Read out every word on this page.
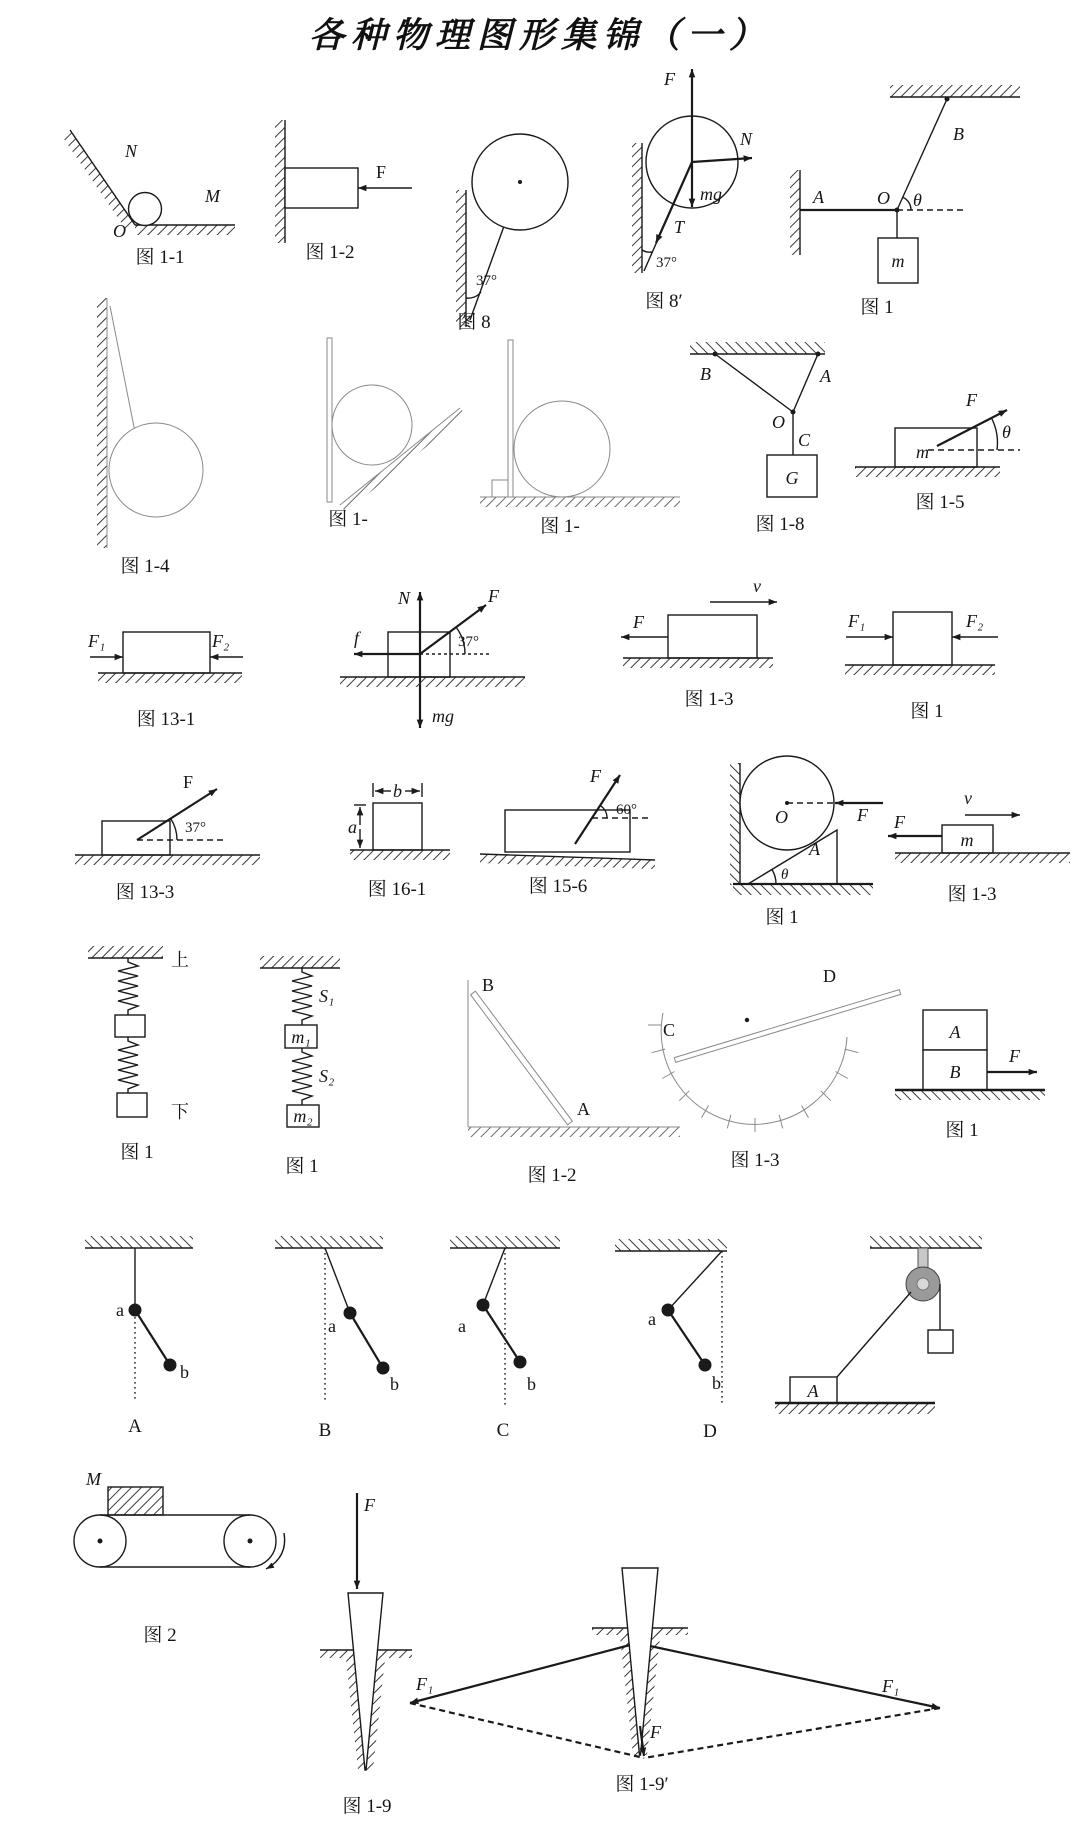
各种物理图形集锦（一）
N
M
O
图 1-1
F
图 1-2
37°
图 8
F
N
mg
T
37°
图 8′
A	O θ
B
m
图 1
图 1-4
图 1-	图 1-
B	A
O
C
G
图 1-8
m
F
θ
图 1-5
F₁	F₂
图 13-1
N	F
37°
f
mg
v
F
图 1-3
F₁	F₂
图 1
F
37°
图 13-3
b
a
图 16-1
F
60°
图 15-6
O	F
θ
A
图 1
v
m
F
图 1-3
上
下
图 1
S₁
m₁
S₂
m₂
图 1
B
A
图 1-2
C
D
图 1-3
A
B
F
图 1
a
b
A
a
b
B
a
b
C
a
b
D
A
M
图 2
F
图 1-9
F₁	F₁
F
图 1-9′
